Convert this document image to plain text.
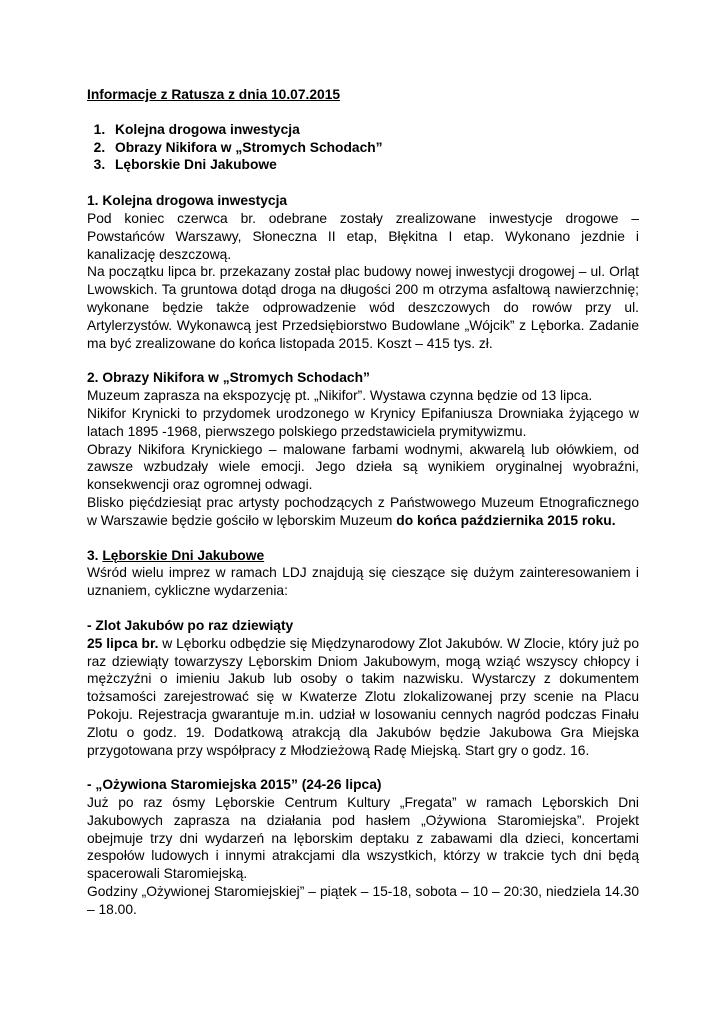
Informacje z Ratusza z dnia 10.07.2015

1. Kolejna drogowa inwestycja
2. Obrazy Nikifora w „Stromych Schodach”
3. Lęborskie Dni Jakubowe

1. Kolejna drogowa inwestycja

Pod koniec czerwca br. odebrane zostały zrealizowane inwestycje drogowe – Powstańców Warszawy, Słoneczna II etap, Błękitna I etap. Wykonano jezdnie i kanalizację deszczową.

Na początku lipca br. przekazany został plac budowy nowej inwestycji drogowej – ul. Orląt Lwowskich. Ta gruntowa dotąd droga na długości 200 m otrzyma asfaltową nawierzchnię; wykonane będzie także odprowadzenie wód deszczowych do rowów przy ul. Artylerzystów. Wykonawcą jest Przedsiębiorstwo Budowlane „Wójcik” z Lęborka. Zadanie ma być zrealizowane do końca listopada 2015. Koszt – 415 tys. zł.

2. Obrazy Nikifora w „Stromych Schodach”

Muzeum zaprasza na ekspozycję pt. „Nikifor”. Wystawa czynna będzie od 13 lipca.

Nikifor Krynicki to przydomek urodzonego w Krynicy Epifaniusza Drowniaka żyjącego w latach 1895 -1968, pierwszego polskiego przedstawiciela prymitywizmu.

Obrazy Nikifora Krynickiego – malowane farbami wodnymi, akwarelą lub ołówkiem, od zawsze wzbudzały wiele emocji. Jego dzieła są wynikiem oryginalnej wyobraźni, konsekwencji oraz ogromnej odwagi.

Blisko pięćdziesiąt prac artysty pochodzących z Państwowego Muzeum Etnograficznego w Warszawie będzie gościło w lęborskim Muzeum do końca października 2015 roku.

3. Lęborskie Dni Jakubowe

Wśród wielu imprez w ramach LDJ znajdują się cieszące się dużym zainteresowaniem i uznaniem, cykliczne wydarzenia:

- Zlot Jakubów po raz dziewiąty

25 lipca br. w Lęborku odbędzie się Międzynarodowy Zlot Jakubów. W Zlocie, który już po raz dziewiąty towarzyszy Lęborskim Dniom Jakubowym, mogą wziąć wszyscy chłopcy i mężczyźni o imieniu Jakub lub osoby o takim nazwisku. Wystarczy z dokumentem tożsamości zarejestrować się w Kwaterze Zlotu zlokalizowanej przy scenie na Placu Pokoju. Rejestracja gwarantuje m.in. udział w losowaniu cennych nagród podczas Finału Zlotu o godz. 19. Dodatkową atrakcją dla Jakubów będzie Jakubowa Gra Miejska przygotowana przy współpracy z Młodzieżową Radę Miejską. Start gry o godz. 16.

- „Ożywiona Staromiejska 2015” (24-26 lipca)

Już po raz ósmy Lęborskie Centrum Kultury „Fregata” w ramach Lęborskich Dni Jakubowych zaprasza na działania pod hasłem „Ożywiona Staromiejska”. Projekt obejmuje trzy dni wydarzeń na lęborskim deptaku z zabawami dla dzieci, koncertami zespołów ludowych i innymi atrakcjami dla wszystkich, którzy w trakcie tych dni będą spacerowali Staromiejską.

Godziny „Ożywionej Staromiejskiej” – piątek – 15-18, sobota – 10 – 20:30, niedziela 14.30 – 18.00.
